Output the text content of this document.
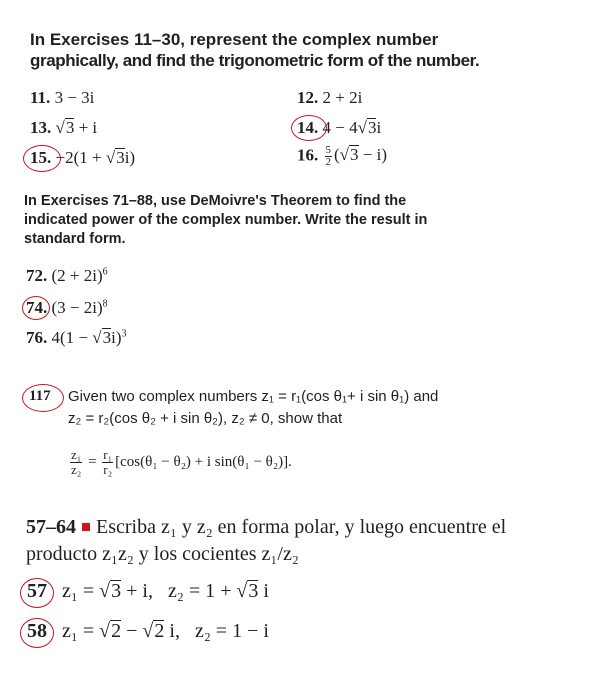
In Exercises 11–30, represent the complex number
graphically, and find the trigonometric form of the number.
11. 3 − 3i	12. 2 + 2i
13. √3 + i	14. 4 − 4√3i
15. −2(1 + √3i)	16. $\frac{5}{2} (√3 - i)$
In Exercises 71–88, use DeMoivre's Theorem to find the
indicated power of the complex number. Write the result in
standard form.
72. $(2 + 2i)^6$
74. $(3 - 2i)^8$
76. $4(1 - √3i)^3$
117 Given two complex numbers z₁ = r₁(cos θ₁+ i sin θ₁) and
z₂ = r₂(cos θ₂ + i sin θ₂), z₂ ≠ 0, show that
$\frac{\text{z₁}}{\text{z₂}} = \frac{\text{r₁}}{\text{r₂}} [\cos(\theta_1 - \theta_2) + i$ sin(θ₁ − θ₂)].
57–64 Escriba z₁ y z₂ en forma polar, y luego encuentre el
producto z₁z₂ y los cocientes z₁/z₂
57 z₁ = √3 + i, z₂ = 1 + √3 i
58 z₁ = √2 − √2 i, z₂ = 1 − i
